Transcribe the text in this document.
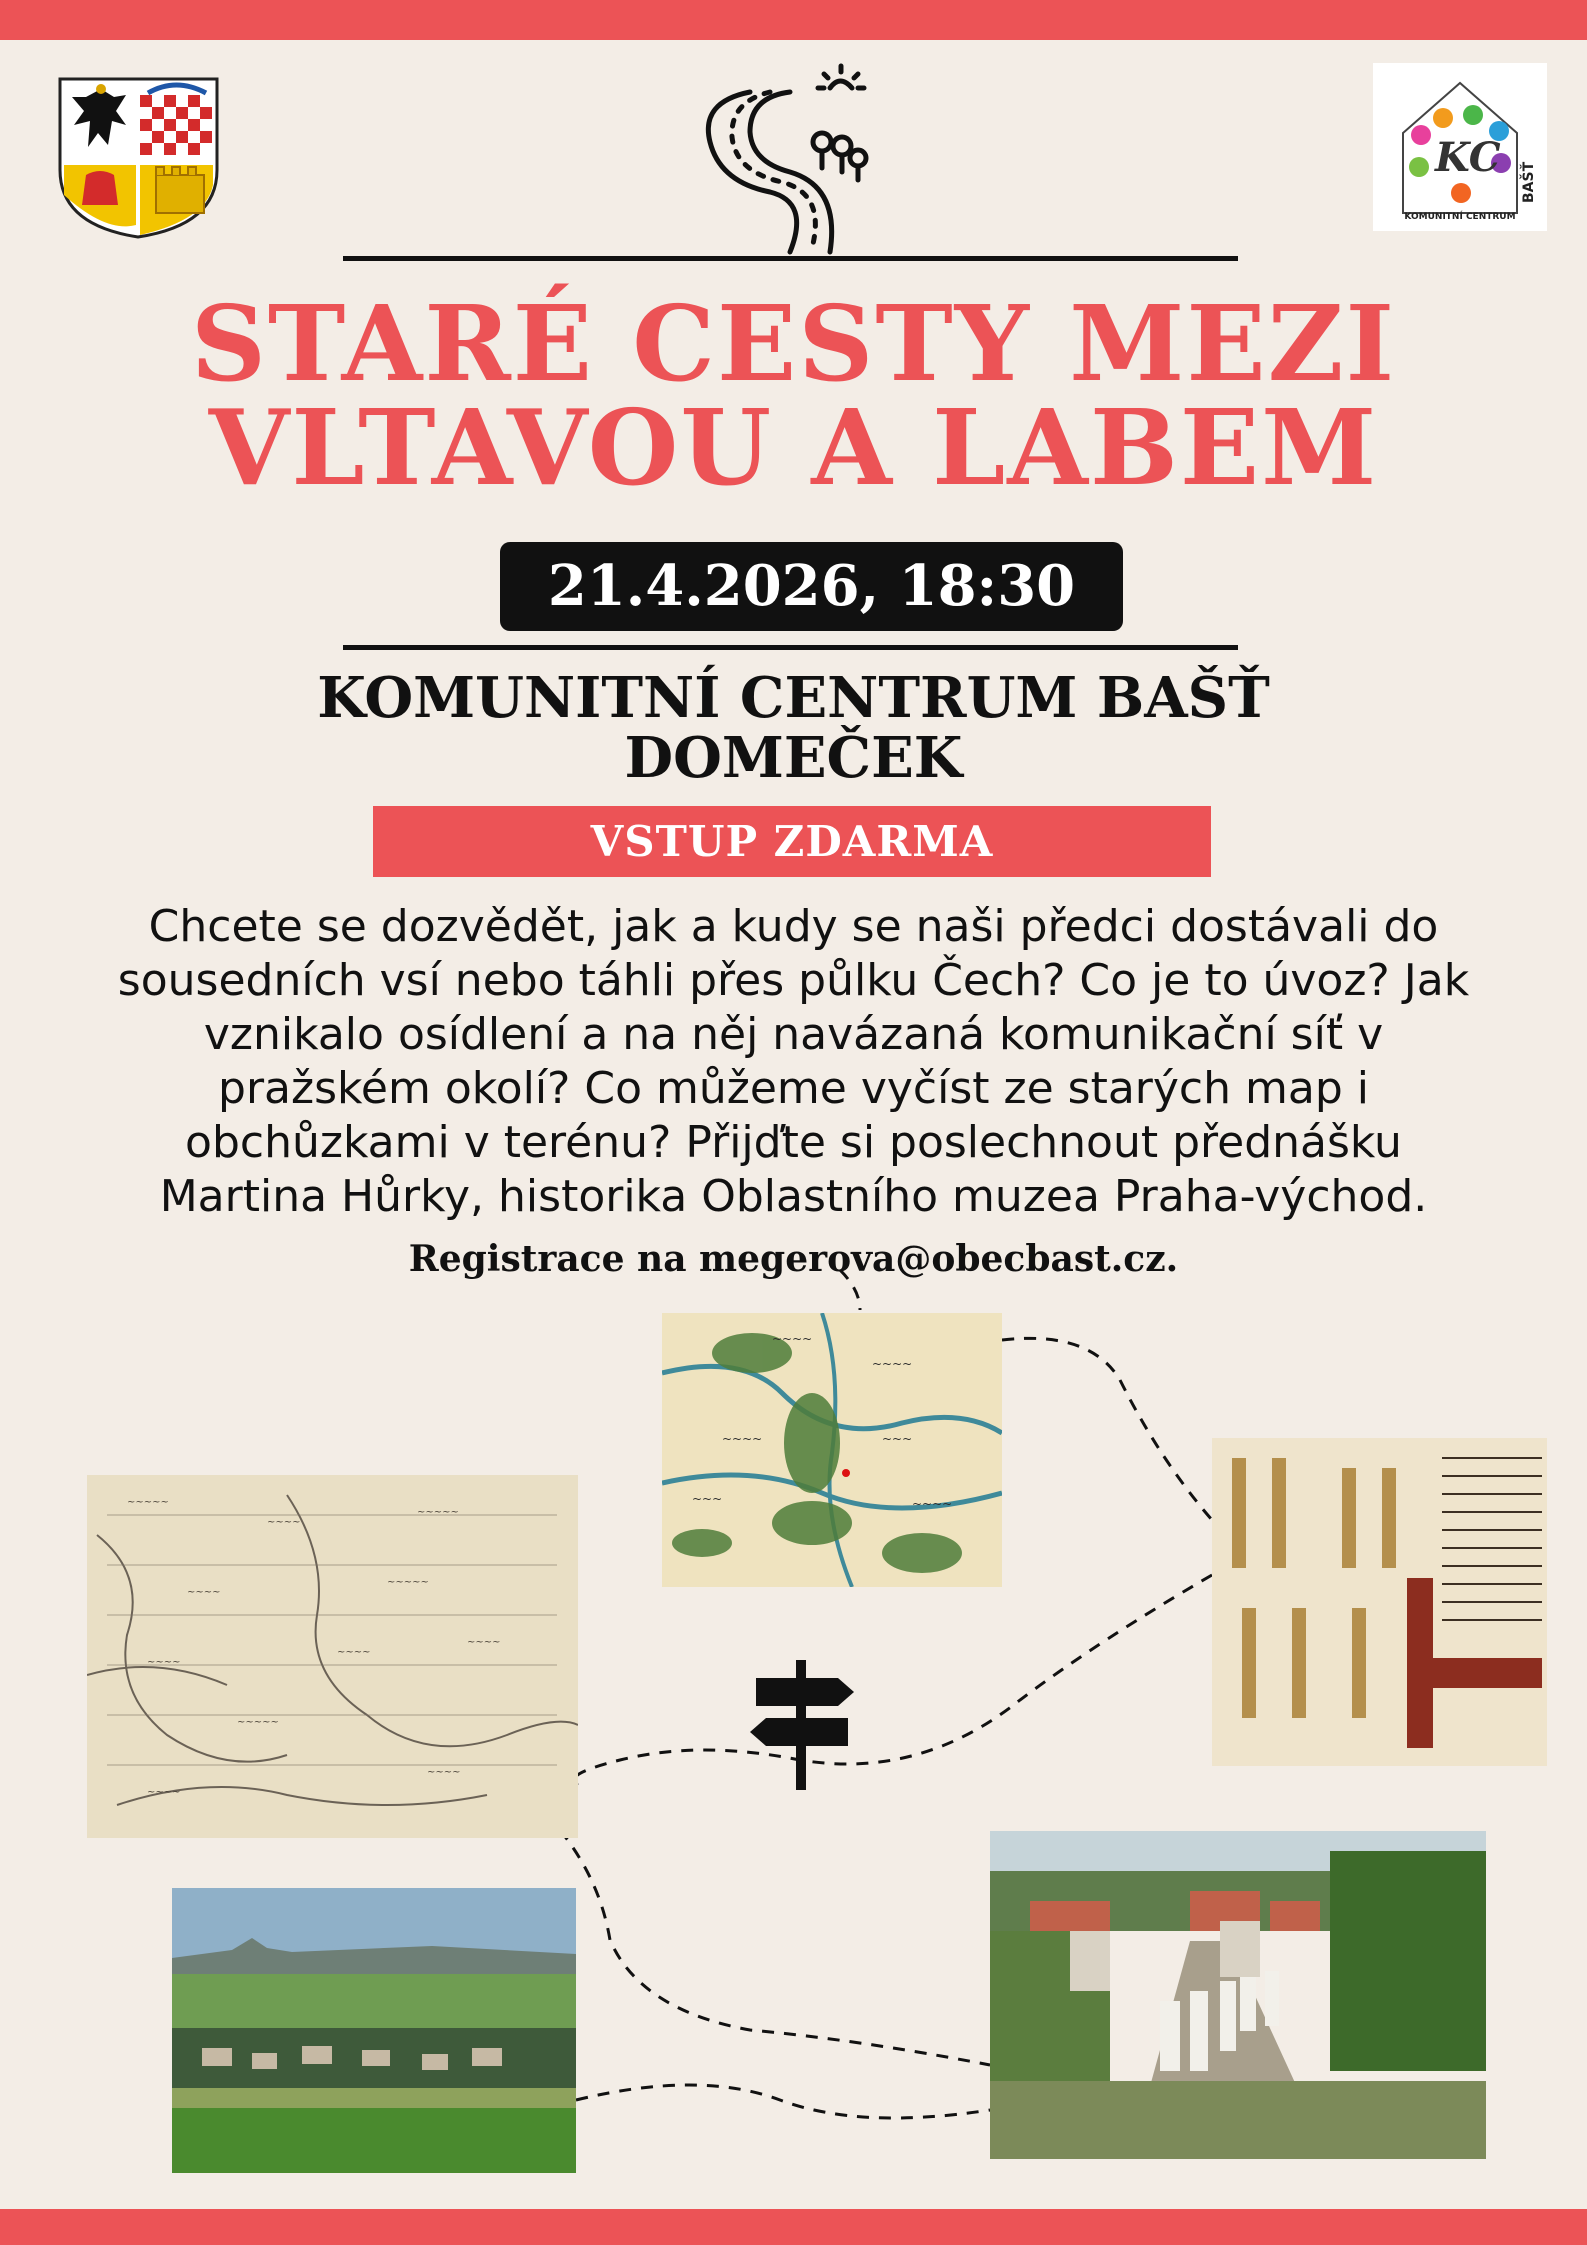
KC
BAŠŤ
KOMUNITNÍ CENTRUM
STARÉ CESTY MEZI
VLTAVOU A LABEM
21.4.2026, 18:30
KOMUNITNÍ CENTRUM BAŠŤ
DOMEČEK
VSTUP ZDARMA
Chcete se dozvědět, jak a kudy se naši předci dostávali do
sousedních vsí nebo táhli přes půlku Čech? Co je to úvoz? Jak
vznikalo osídlení a na něj navázaná komunikační síť v
pražském okolí? Co můžeme vyčíst ze starých map i
obchůzkami v terénu? Přijďte si poslechnout přednášku
Martina Hůrky, historika Oblastního muzea Praha-východ.
Registrace na megerova@obecbast.cz.
~~~~
~~~~
~~~~	~~~
~~~~
~~~
~~~~~
~~~~
~~~~~
~~~~
~~~~~
~~~~
~~~~
~~~~
~~~~~
~~~~
~~~~
